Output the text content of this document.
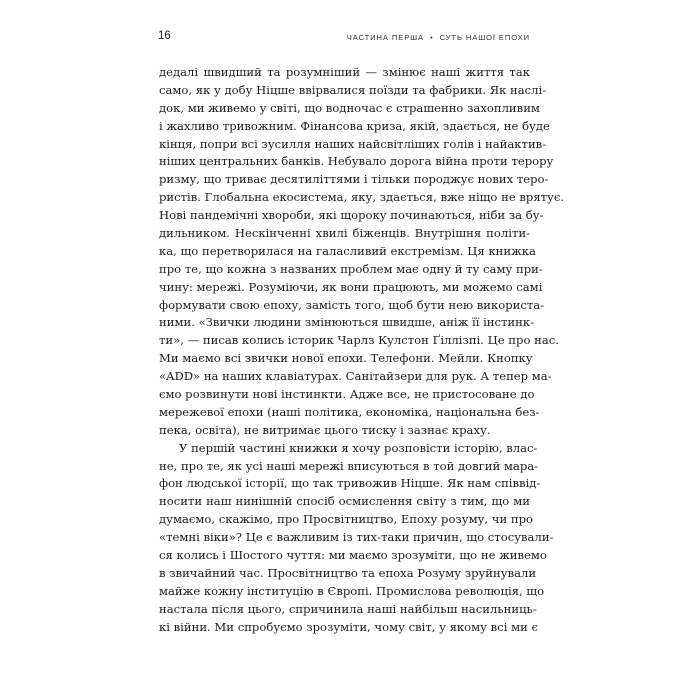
16	ЧАСТИНА ПЕРША • СУТЬ НАШОЇ ЕПОХИ
дедалі швидший та розумніший — змінює наші життя так
само, як у добу Ніцше ввірвалися поїзди та фабрики. Як наслі-
док, ми живемо у світі, що водночас є страшенно захопливим
і жахливо тривожним. Фінансова криза, якій, здається, не буде
кінця, попри всі зусилля наших найсвітліших голів і найактив-
ніших центральних банків. Небувало дорога війна проти терору
ризму, що триває десятиліттями і тільки породжує нових теро-
ристів. Глобальна екосистема, яку, здається, вже ніщо не врятує.
Нові пандемічні хвороби, які щороку починаються, ніби за бу-
дильником. Нескінченні хвилі біженців. Внутрішня політи-
ка, що перетворилася на галасливий екстремізм. Ця книжка
про те, що кожна з названих проблем має одну й ту саму при-
чину: мережі. Розуміючи, як вони працюють, ми можемо самі
формувати свою епоху, замість того, щоб бути нею використа-
ними. «Звички людини змінюються швидше, аніж її інстинк-
ти», — писав колись історик Чарлз Кулстон Ґіллізпі. Це про нас.
Ми маємо всі звички нової епохи. Телефони. Мейли. Кнопку
«ADD» на наших клавіатурах. Санітайзери для рук. А тепер ма-
ємо розвинути нові інстинкти. Адже все, не пристосоване до
мережевої епохи (наші політика, економіка, національна без-
пека, освіта), не витримає цього тиску і зазнає краху.
У першій частині книжки я хочу розповісти історію, влас-
не, про те, як усі наші мережі вписуються в той довгий мара-
фон людської історії, що так тривожив Ніцше. Як нам співвід-
носити наш нинішній спосіб осмислення світу з тим, що ми
думаємо, скажімо, про Просвітництво, Епоху розуму, чи про
«темні віки»? Це є важливим із тих-таки причин, що стосували-
ся колись і Шостого чуття: ми маємо зрозуміти, що не живемо
в звичайний час. Просвітництво та епоха Розуму зруйнували
майже кожну інституцію в Європі. Промислова революція, що
настала після цього, спричинила наші найбільш насильниць-
кі війни. Ми спробуємо зрозуміти, чому світ, у якому всі ми є
